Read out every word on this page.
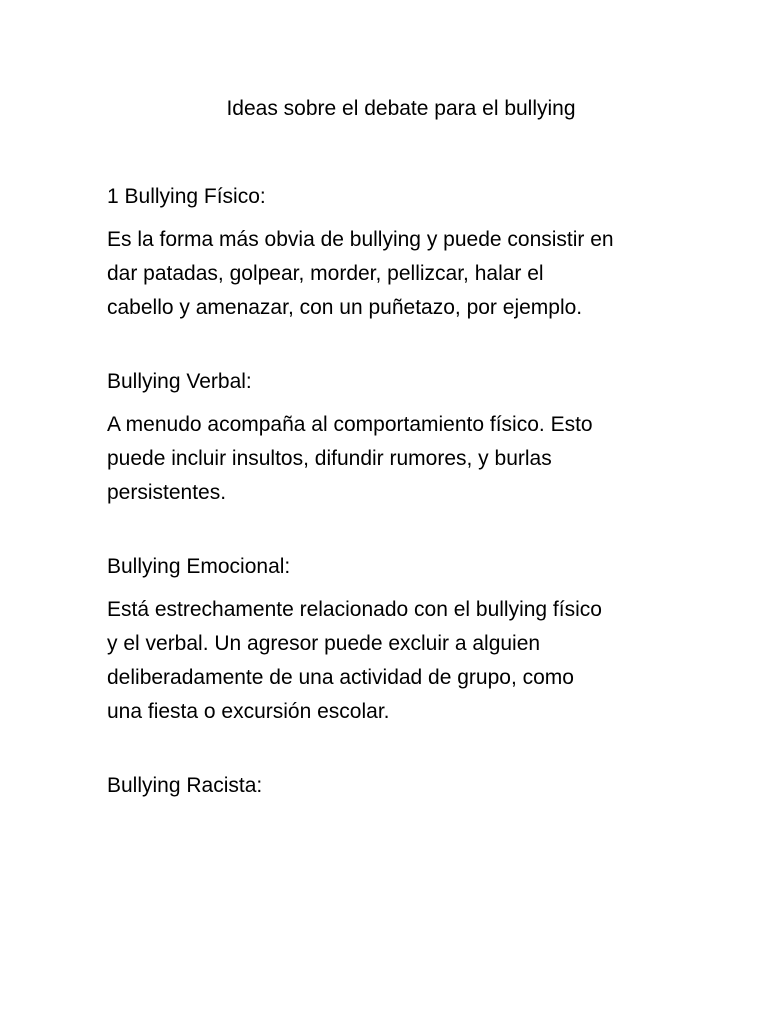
Ideas sobre el debate para el bullying
1 Bullying Físico:

Es la forma más obvia de bullying y puede consistir en
dar patadas, golpear, morder, pellizcar, halar el
cabello y amenazar, con un puñetazo, por ejemplo.

Bullying Verbal:

A menudo acompaña al comportamiento físico. Esto
puede incluir insultos, difundir rumores, y burlas
persistentes.

Bullying Emocional:

Está estrechamente relacionado con el bullying físico
y el verbal. Un agresor puede excluir a alguien
deliberadamente de una actividad de grupo, como
una fiesta o excursión escolar.

Bullying Racista:
